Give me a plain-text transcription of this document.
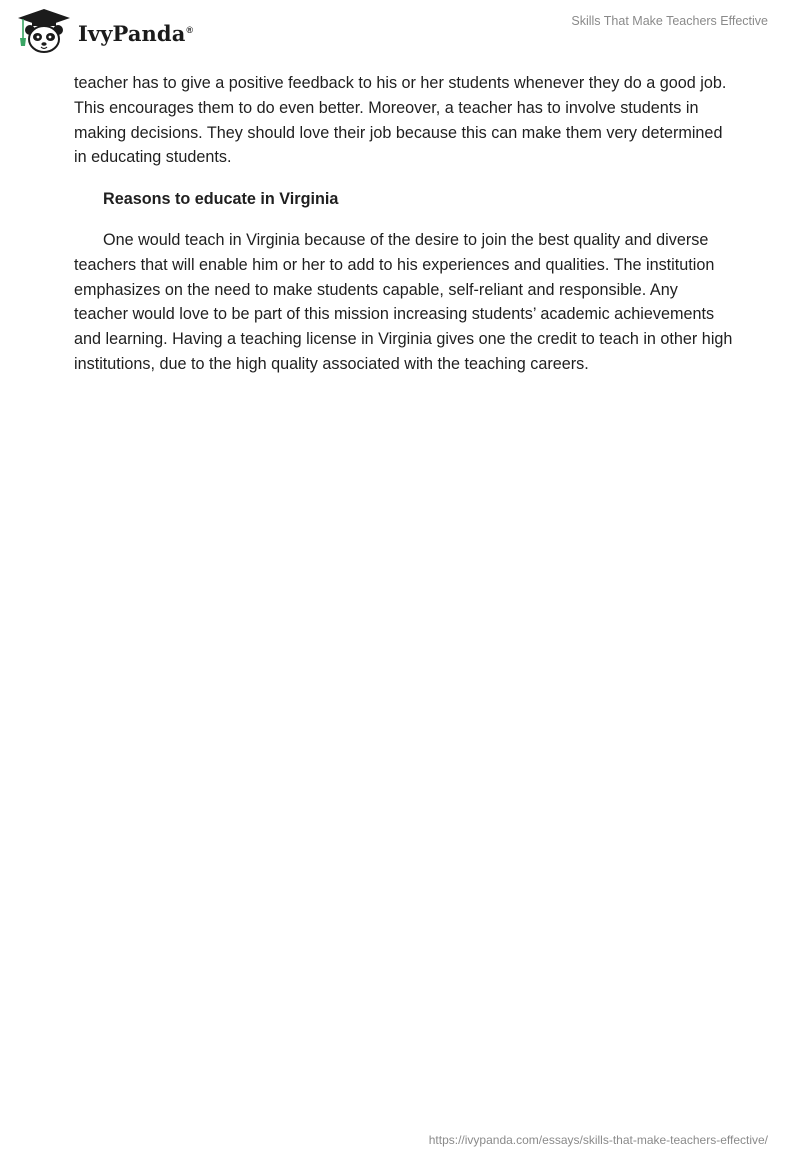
IvyPanda®
Skills That Make Teachers Effective

teacher has to give a positive feedback to his or her students whenever they do a good job. This encourages them to do even better. Moreover, a teacher has to involve students in making decisions. They should love their job because this can make them very determined in educating students.

Reasons to educate in Virginia

One would teach in Virginia because of the desire to join the best quality and diverse teachers that will enable him or her to add to his experiences and qualities. The institution emphasizes on the need to make students capable, self-reliant and responsible. Any teacher would love to be part of this mission increasing students’ academic achievements and learning. Having a teaching license in Virginia gives one the credit to teach in other high institutions, due to the high quality associated with the teaching careers.

https://ivypanda.com/essays/skills-that-make-teachers-effective/
